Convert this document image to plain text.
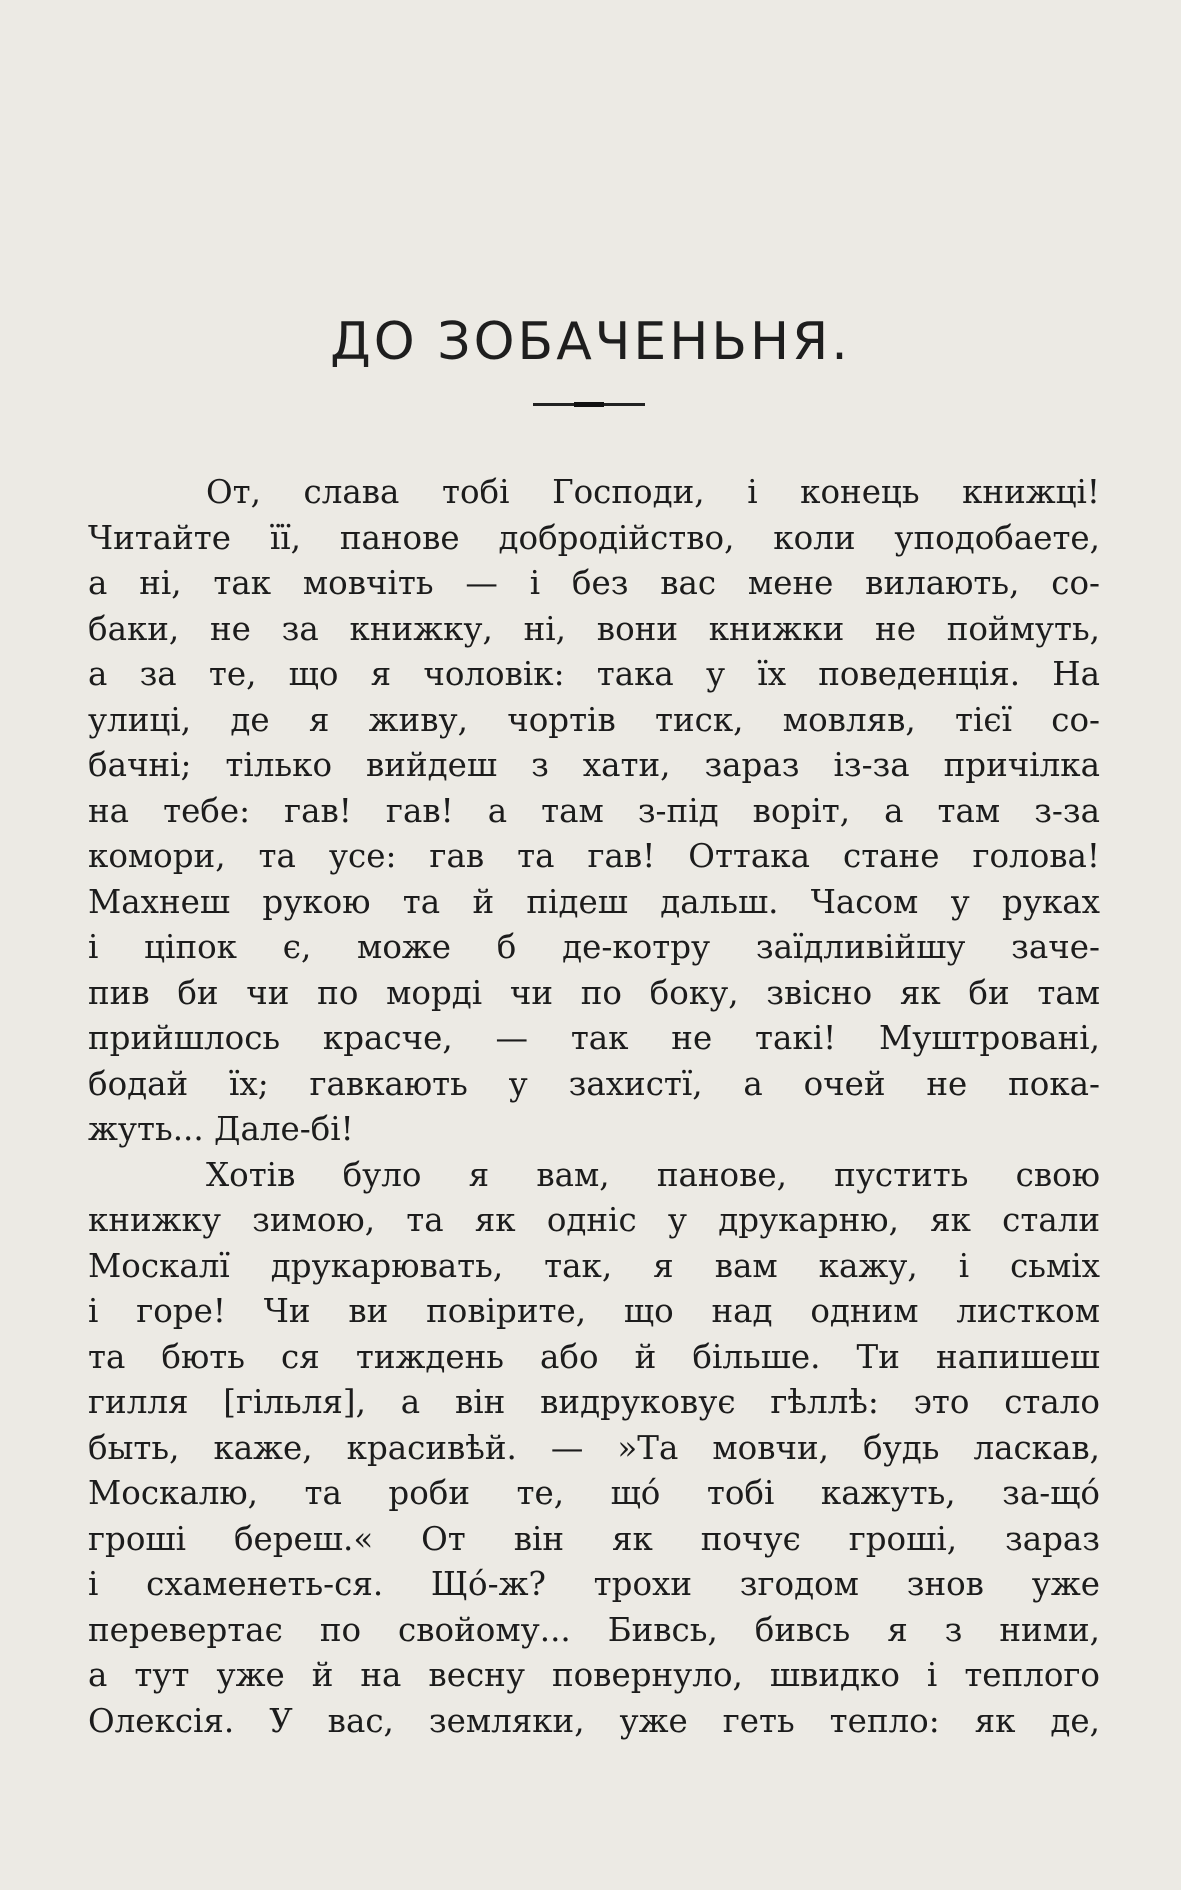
ДО ЗОБАЧЕНЬНЯ.
От, слава тобі Господи, і конець книжці!
Читайте її, панове добродійство, коли уподобаете,
а ні, так мовчіть — і без вас мене вилають, со-
баки, не за книжку, ні, вони книжки не поймуть,
а за те, що я чоловік: така у їх поведенція. На
улиці, де я живу, чортів тиск, мовляв, тієї со-
бачні; тілько вийдеш з хати, зараз із-за причілка
на тебе: гав! гав! а там з-під воріт, а там з-за
комори, та усе: гав та гав! Оттака стане голова!
Махнеш рукою та й підеш дальш. Часом у руках
і ціпок є, може б де-котру заїдливійшу заче-
пив би чи по морді чи по боку, звісно як би там
прийшлось красче, — так не такі! Муштровані,
бодай їх; гавкають у захистї, а очей не пока-
жуть... Дале-бі!
Хотів було я вам, панове, пустить свою
книжку зимою, та як одніс у друкарню, як стали
Москалї друкарювать, так, я вам кажу, і сьміх
і горе! Чи ви повірите, що над одним листком
та бють ся тиждень або й більше. Ти напишеш
гилля [гільля], а він видруковує гѣллѣ: это стало
быть, каже, красивѣй. — »Та мовчи, будь ласкав,
Москалю, та роби те, щó тобі кажуть, за-щó
гроші береш.« От він як почує гроші, зараз
і схаменеть-ся. Щó-ж? трохи згодом знов уже
перевертає по свойому... Бивсь, бивсь я з ними,
а тут уже й на весну повернуло, швидко і теплого
Олексія. У вас, земляки, уже геть тепло: як де,
